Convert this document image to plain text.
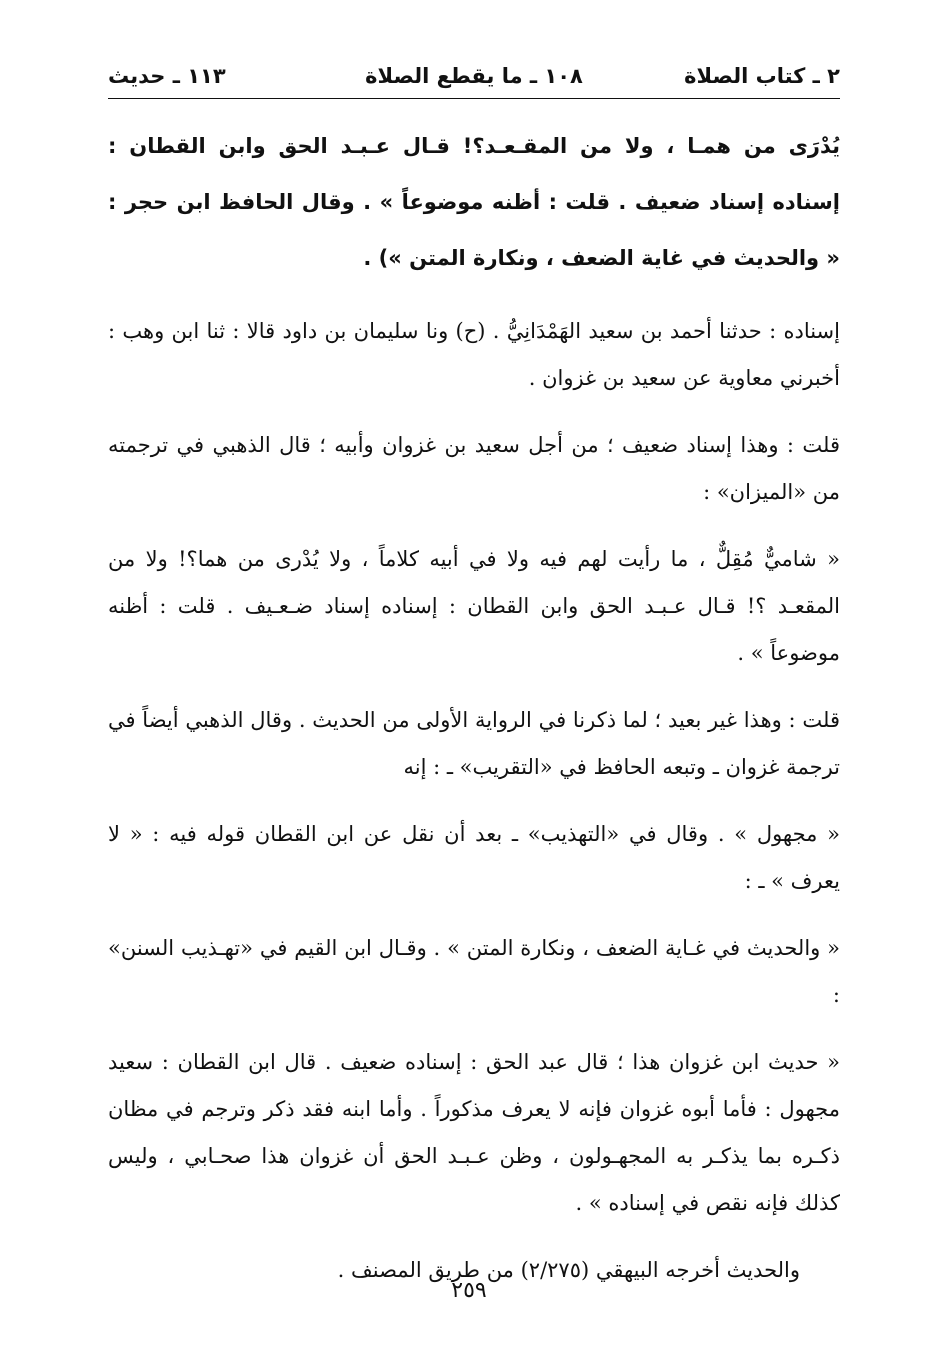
٢ ـ كتاب الصلاة
١٠٨ ـ ما يقطع الصلاة
١١٣ ـ حديث

يُدْرَى من همـا ، ولا من المقـعـد؟! قـال عـبـد الحق وابن القطان : إسناده إسناد ضعيف . قلت : أظنه موضوعاً » . وقال الحافظ ابن حجر : « والحديث في غاية الضعف ، ونكارة المتن ») .

إسناده : حدثنا أحمد بن سعيد الهَمْدَانِيُّ . (ح) ونا سليمان بن داود قالا : ثنا ابن وهب : أخبرني معاوية عن سعيد بن غزوان .

قلت : وهذا إسناد ضعيف ؛ من أجل سعيد بن غزوان وأبيه ؛ قال الذهبي في ترجمته من «الميزان» :

« شاميٌّ مُقِلٌّ ، ما رأيت لهم فيه ولا في أبيه كلاماً ، ولا يُدْرى من هما؟! ولا من المقعـد ؟! قـال عـبـد الحق وابن القطان : إسناده إسناد ضـعـيف . قلت : أظنه موضوعاً » .

قلت : وهذا غير بعيد ؛ لما ذكرنا في الرواية الأولى من الحديث . وقال الذهبي أيضاً في ترجمة غزوان ـ وتبعه الحافظ في «التقريب» ـ : إنه

« مجهول » . وقال في «التهذيب» ـ بعد أن نقل عن ابن القطان قوله فيه : « لا يعرف » ـ :

« والحديث في غـاية الضعف ، ونكارة المتن » . وقـال ابن القيم في «تهـذيب السنن» :

« حديث ابن غزوان هذا ؛ قال عبد الحق : إسناده ضعيف . قال ابن القطان : سعيد مجهول : فأما أبوه غزوان فإنه لا يعرف مذكوراً . وأما ابنه فقد ذكر وترجم في مظان ذكـره بما يذكـر به المجهـولون ، وظن عـبـد الحق أن غزوان هذا صحـابي ، وليس كذلك فإنه نقص في إسناده » .

والحديث أخرجه البيهقي (٢/٢٧٥) من طريق المصنف .

٢٥٩
